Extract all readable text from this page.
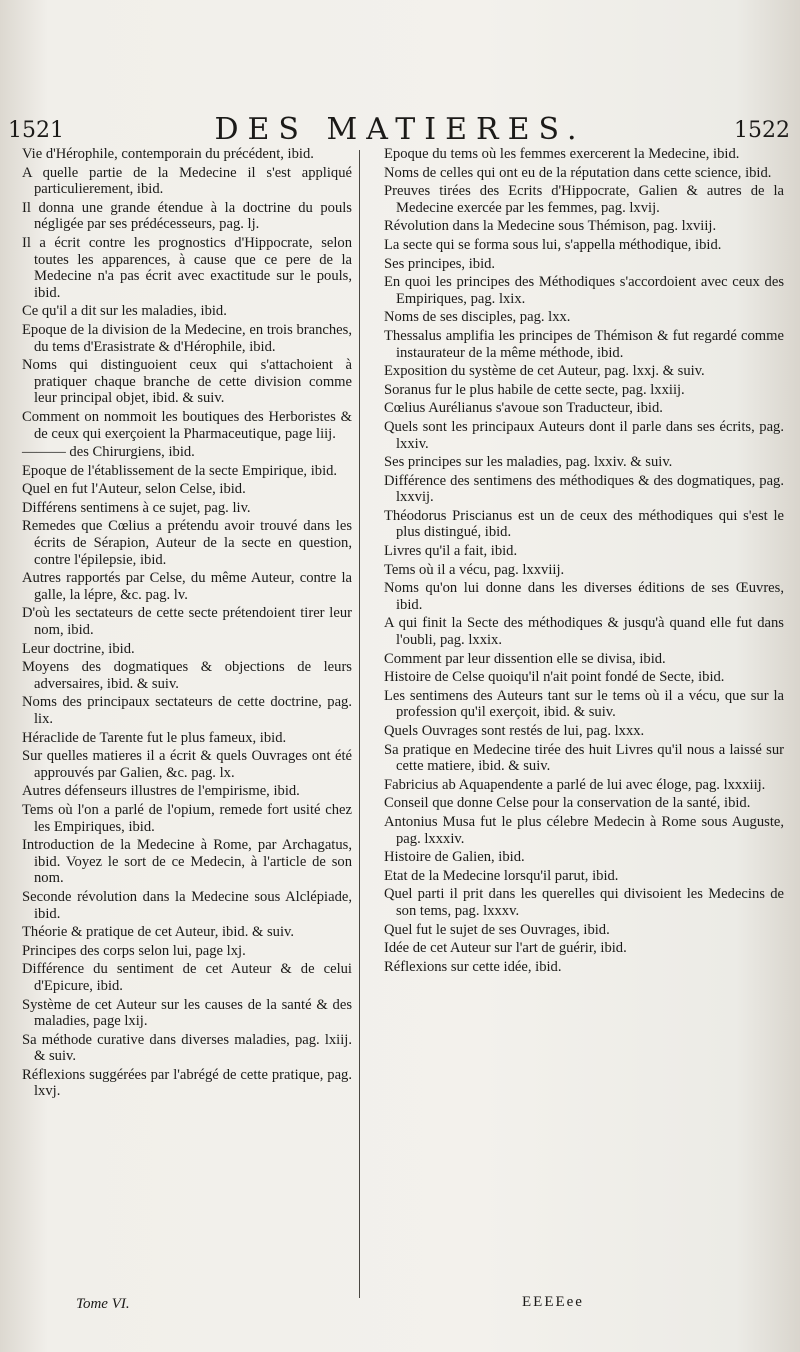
1521	DES MATIERES.	1522

Vie d'Hérophile, contemporain du précédent, ibid.

A quelle partie de la Medecine il s'est appliqué particulierement, ibid.

Il donna une grande étendue à la doctrine du pouls négligée par ses prédécesseurs, pag. lj.

Il a écrit contre les prognostics d'Hippocrate, selon toutes les apparences, à cause que ce pere de la Medecine n'a pas écrit avec exactitude sur le pouls, ibid.

Ce qu'il a dit sur les maladies, ibid.

Epoque de la division de la Medecine, en trois branches, du tems d'Erasistrate & d'Hérophile, ibid.

Noms qui distinguoient ceux qui s'attachoient à pratiquer chaque branche de cette division comme leur principal objet, ibid. & suiv.

Comment on nommoit les boutiques des Herboristes & de ceux qui exerçoient la Pharmaceutique, page liij.

——— des Chirurgiens, ibid.

Epoque de l'établissement de la secte Empirique, ibid.

Quel en fut l'Auteur, selon Celse, ibid.

Différens sentimens à ce sujet, pag. liv.

Remedes que Cœlius a prétendu avoir trouvé dans les écrits de Sérapion, Auteur de la secte en question, contre l'épilepsie, ibid.

Autres rapportés par Celse, du même Auteur, contre la galle, la lépre, &c. pag. lv.

D'où les sectateurs de cette secte prétendoient tirer leur nom, ibid.

Leur doctrine, ibid.

Moyens des dogmatiques & objections de leurs adversaires, ibid. & suiv.

Noms des principaux sectateurs de cette doctrine, pag. lix.

Héraclide de Tarente fut le plus fameux, ibid.

Sur quelles matieres il a écrit & quels Ouvrages ont été approuvés par Galien, &c. pag. lx.

Autres défenseurs illustres de l'empirisme, ibid.

Tems où l'on a parlé de l'opium, remede fort usité chez les Empiriques, ibid.

Introduction de la Medecine à Rome, par Archagatus, ibid. Voyez le sort de ce Medecin, à l'article de son nom.

Seconde révolution dans la Medecine sous Alclépiade, ibid.

Théorie & pratique de cet Auteur, ibid. & suiv.

Principes des corps selon lui, page lxj.

Différence du sentiment de cet Auteur & de celui d'Epicure, ibid.

Système de cet Auteur sur les causes de la santé & des maladies, page lxij.

Sa méthode curative dans diverses maladies, pag. lxiij. & suiv.

Réflexions suggérées par l'abrégé de cette pratique, pag. lxvj.

Epoque du tems où les femmes exercerent la Medecine, ibid.

Noms de celles qui ont eu de la réputation dans cette science, ibid.

Preuves tirées des Ecrits d'Hippocrate, Galien & autres de la Medecine exercée par les femmes, pag. lxvij.

Révolution dans la Medecine sous Thémison, pag. lxviij.

La secte qui se forma sous lui, s'appella méthodique, ibid.

Ses principes, ibid.

En quoi les principes des Méthodiques s'accordoient avec ceux des Empiriques, pag. lxix.

Noms de ses disciples, pag. lxx.

Thessalus amplifia les principes de Thémison & fut regardé comme instaurateur de la même méthode, ibid.

Exposition du système de cet Auteur, pag. lxxj. & suiv.

Soranus fur le plus habile de cette secte, pag. lxxiij.

Cœlius Aurélianus s'avoue son Traducteur, ibid.

Quels sont les principaux Auteurs dont il parle dans ses écrits, pag. lxxiv.

Ses principes sur les maladies, pag. lxxiv. & suiv.

Différence des sentimens des méthodiques & des dogmatiques, pag. lxxvij.

Théodorus Priscianus est un de ceux des méthodiques qui s'est le plus distingué, ibid.

Livres qu'il a fait, ibid.

Tems où il a vécu, pag. lxxviij.

Noms qu'on lui donne dans les diverses éditions de ses Œuvres, ibid.

A qui finit la Secte des méthodiques & jusqu'à quand elle fut dans l'oubli, pag. lxxix.

Comment par leur dissention elle se divisa, ibid.

Histoire de Celse quoiqu'il n'ait point fondé de Secte, ibid.

Les sentimens des Auteurs tant sur le tems où il a vécu, que sur la profession qu'il exerçoit, ibid. & suiv.

Quels Ouvrages sont restés de lui, pag. lxxx.

Sa pratique en Medecine tirée des huit Livres qu'il nous a laissé sur cette matiere, ibid. & suiv.

Fabricius ab Aquapendente a parlé de lui avec éloge, pag. lxxxiij.

Conseil que donne Celse pour la conservation de la santé, ibid.

Antonius Musa fut le plus célebre Medecin à Rome sous Auguste, pag. lxxxiv.

Histoire de Galien, ibid.

Etat de la Medecine lorsqu'il parut, ibid.

Quel parti il prit dans les querelles qui divisoient les Medecins de son tems, pag. lxxxv.

Quel fut le sujet de ses Ouvrages, ibid.

Idée de cet Auteur sur l'art de guérir, ibid.

Réflexions sur cette idée, ibid.

Tome VI.	EEEEee
